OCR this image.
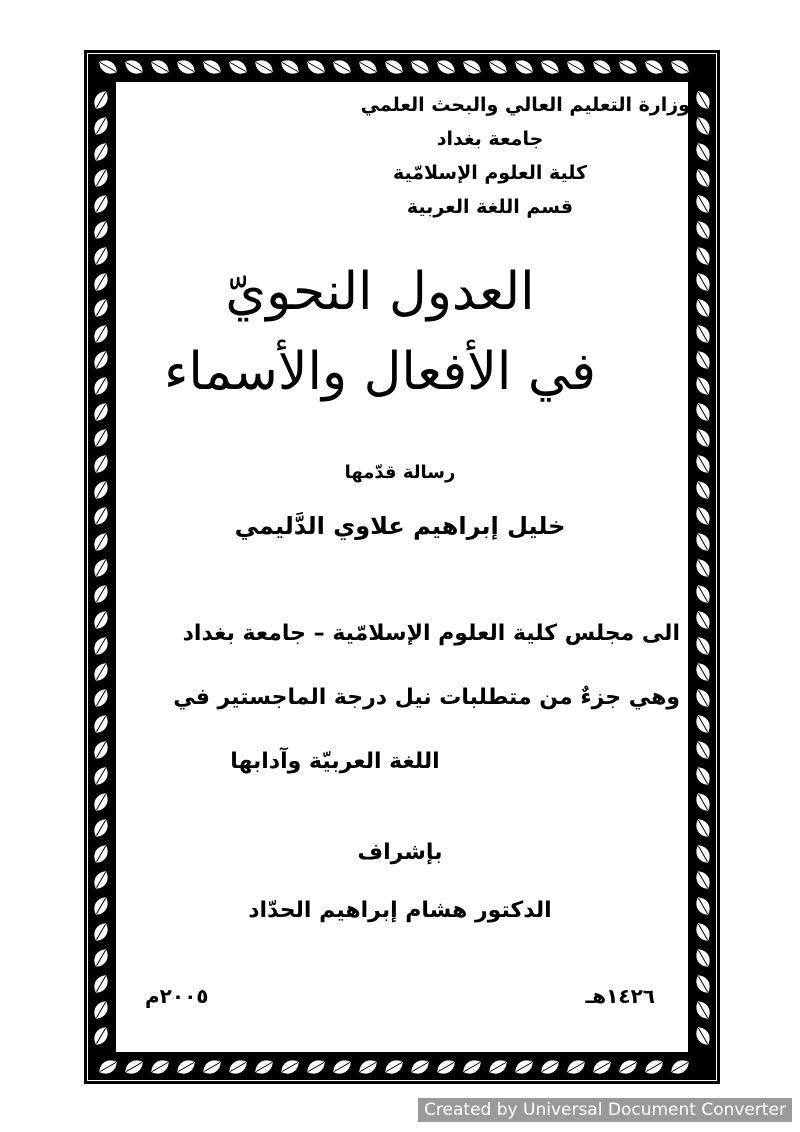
وزارة التعليم العالي والبحث العلمي
جامعة بغداد
كلية العلوم الإسلامّية
قسم اللغة العربية
العدول النحويّ
في الأفعال والأسماء
رسالة قدّمها
خليل إبراهيم علاوي الدَّليمي
الى مجلس كلية العلوم الإسلامّية – جامعة بغداد
وهي جزءٌ من متطلبات نيل درجة الماجستير في
اللغة العربيّة وآدابها
بإشراف
الدكتور هشام إبراهيم الحدّاد
١٤٢٦هـ
٢٠٠٥م
Created by Universal Document Converter
